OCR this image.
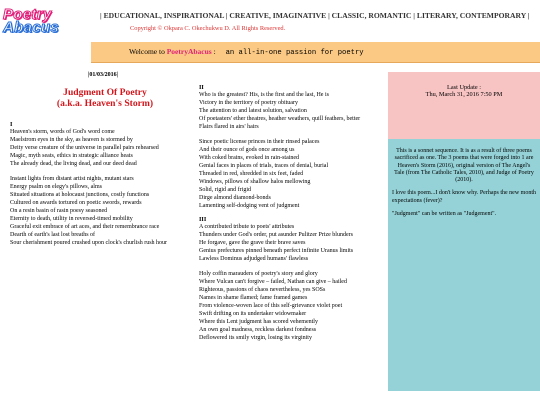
Poetry
Abacus
| EDUCATIONAL, INSPIRATIONAL | CREATIVE, IMAGINATIVE | CLASSIC, ROMANTIC | LITERARY, CONTEMPORARY |
Copyright © Okpara C. Okechukwu D. All Rights Reserved.
Welcome to PoetryAbacus : an all-in-one passion for poetry
|01/03/2016|
Judgment Of Poetry
(a.k.a. Heaven's Storm)
I
Heaven's storm, words of God's word come
Maelstrom eyes in the sky, as heaven is stormed by
Deity verse creature of the universe in parallel pairs rehearsed
Magic, myth seats, ethics in strategic alliance heats
The already dead, the living dead, and our deed dead
Instant lights from distant artist nights, mutant stars
Energy psalm on elegy's pillows, alms
Situated situations at holocaust junctions, costly functions
Cultured on awards tortured on poetic swords, rewards
On a resin basin of rasin poesy seasoned
Eternity to death, utility in reversed-timed mobility
Graceful exit embrace of art aces, and their remembrance race
Dearth of earth's last lost breaths of
Sour cherishment poured crushed upon clock's churlish rush hour
II
Who is the greatest? His, is the first and the last, He is
Victory in the territory of poetry obituary
The attention to and latest solution, salvation
Of poetasters' ether theatres, heather weathers, quill feathers, better
Flairs flared in airs' hairs
Since poetic license princes in their rinsed palaces
And their ounce of gods once among us
With coked brains, evoked in rain-stained
Genial faces in places of trials, traces of denial, burial
Threaded in red, shredded in six feet, faded
Windows, pillows of shallow halos mellowing
Solid, rigid and frigid
Dirge almond diamond-bonds
Lamenting self-dodging vent of judgment
III
A contributed tribute to poets' attributes
Thunders under God's order, put asunder Pulitzer Prize blunders
He forgave, gave the grave their brave saves
Genius prefectures pinned beneath perfect infinite Uranus limits
Lawless Dominus adjudged humans' flawless
Holy coffin marauders of poetry's story and glory
Where Vulcan can't forgive – failed, Nathan can give – hailed
Righteous, passions of chaos nevertheless, yes SOSs
Names in shame flamed; fame framed games
From violence-woven lace of this self-grievance violet poet
Swift drifting on its undertaker widowmaker
Where this Lent judgment has scored vehemently
An own goal madness, reckless darkest fondness
Deflowered its smily virgin, losing its virginity
Last Update :
Thu, March 31, 2016 7:50 PM
This is a sonnet sequence. It is as a result of three poems sacrificed as one. The 3 poems that were forged into 1 are Heaven's Storm (2016), original version of The Angel's Tale (from The Catholic Tales, 2010), and Judge of Poetry (2010).
I love this poem...I don't know why. Perhaps the new month expectations (fever)?
"Judgment" can be written as "Judgement".
